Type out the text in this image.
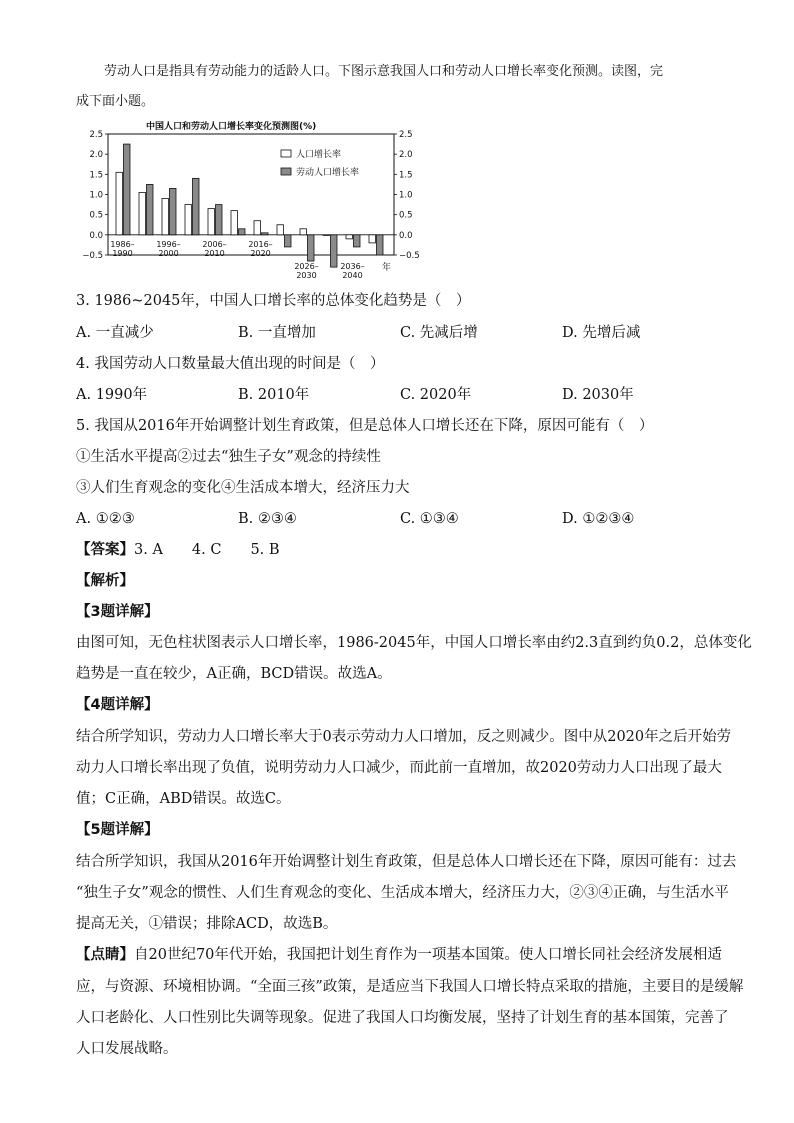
劳动人口是指具有劳动能力的适龄人口。下图示意我国人口和劳动人口增长率变化预测。读图，完
成下面小题。
中国人口和劳动人口增长率变化预测图(%)
2.5	2.5
2.0	2.0
1.5	1.5
1.0	1.0
0.5	0.5
0.0	0.0
−0.5	−0.5
1986–
1990
1996–
2000
2006–
2010
2016–
2020
2026–
2030
2036–
2040
人口增长率
劳动人口增长率
年
3. 1986~2045年，中国人口增长率的总体变化趋势是（　）
A. 一直减少	B. 一直增加	C. 先减后增	D. 先增后减
4. 我国劳动人口数量最大值出现的时间是（　）
A. 1990年	B. 2010年	C. 2020年	D. 2030年
5. 我国从2016年开始调整计划生育政策，但是总体人口增长还在下降，原因可能有（　）
①生活水平提高②过去“独生子女”观念的持续性
③人们生育观念的变化④生活成本增大，经济压力大
A. ①②③	B. ②③④	C. ①③④	D. ①②③④
【答案】3. A　　4. C　　5. B
【解析】
【3题详解】
由图可知，无色柱状图表示人口增长率，1986-2045年，中国人口增长率由约2.3直到约负0.2，总体变化
趋势是一直在较少，A正确，BCD错误。故选A。
【4题详解】
结合所学知识，劳动力人口增长率大于0表示劳动力人口增加，反之则减少。图中从2020年之后开始劳
动力人口增长率出现了负值，说明劳动力人口减少，而此前一直增加，故2020劳动力人口出现了最大
值；C正确，ABD错误。故选C。
【5题详解】
结合所学知识，我国从2016年开始调整计划生育政策，但是总体人口增长还在下降，原因可能有：过去
“独生子女”观念的惯性、人们生育观念的变化、生活成本增大，经济压力大，②③④正确，与生活水平
提高无关，①错误；排除ACD，故选B。
【点睛】自20世纪70年代开始，我国把计划生育作为一项基本国策。使人口增长同社会经济发展相适
应，与资源、环境相协调。“全面三孩”政策，是适应当下我国人口增长特点采取的措施，主要目的是缓解
人口老龄化、人口性别比失调等现象。促进了我国人口均衡发展，坚持了计划生育的基本国策，完善了
人口发展战略。
